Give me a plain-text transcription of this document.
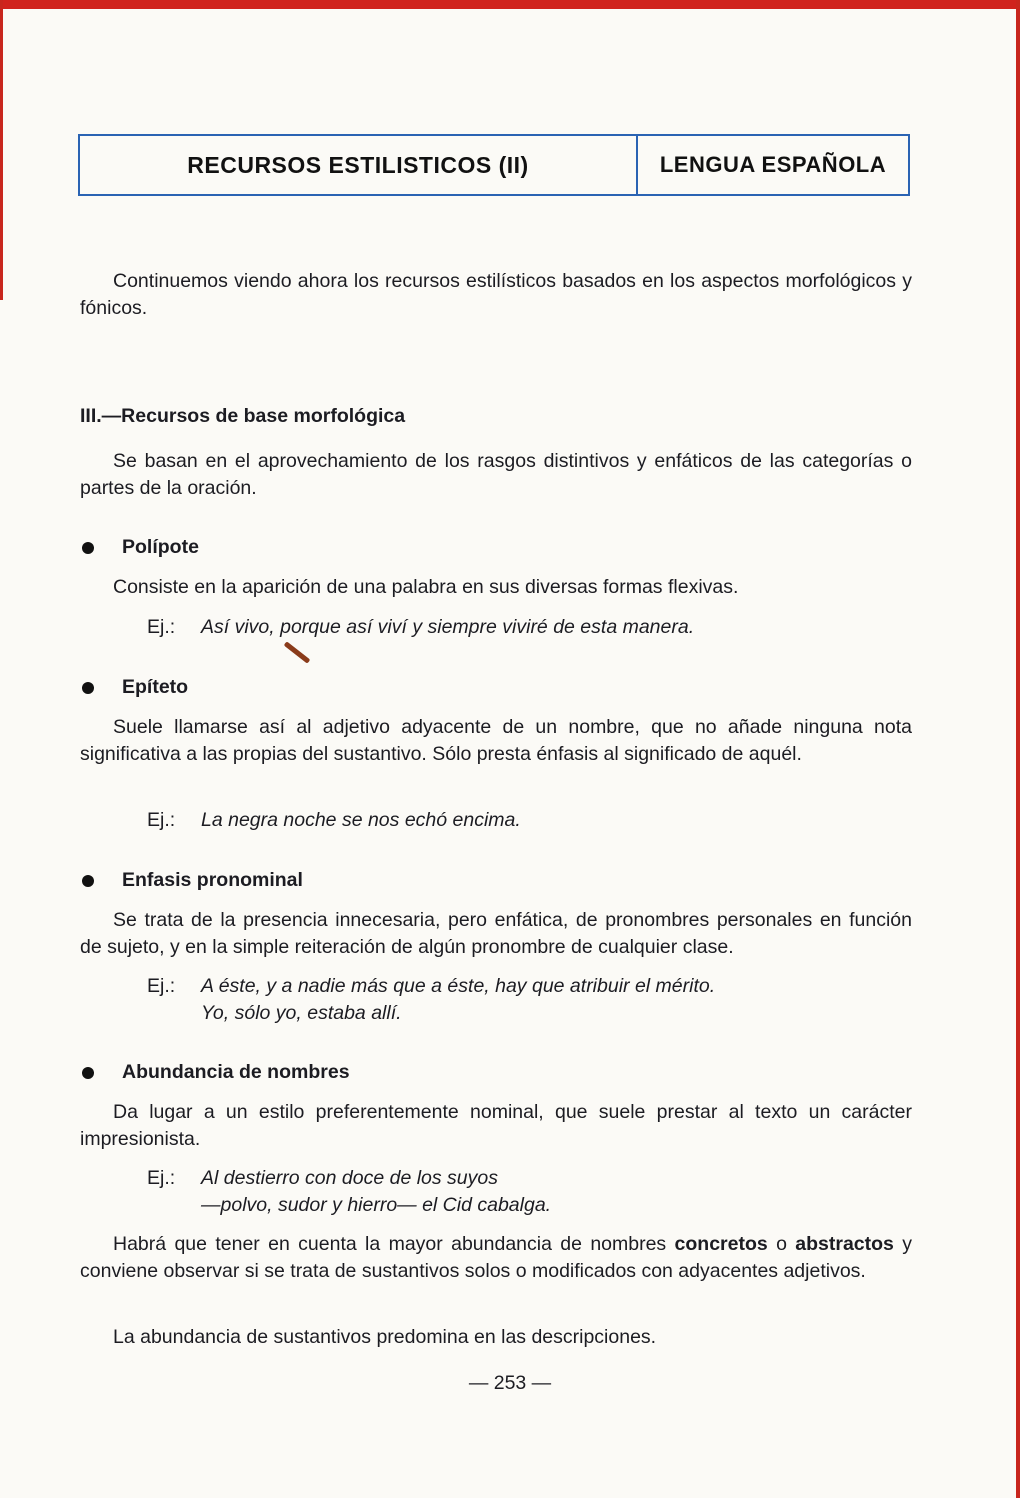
RECURSOS ESTILISTICOS (II)	LENGUA ESPAÑOLA

Continuemos viendo ahora los recursos estilísticos basados en los aspectos morfológicos y fónicos.

III.—Recursos de base morfológica

Se basan en el aprovechamiento de los rasgos distintivos y enfáticos de las categorías o partes de la oración.

Polípote

Consiste en la aparición de una palabra en sus diversas formas flexivas.

Ej.:	Así vivo, porque así viví y siempre viviré de esta manera.
Epíteto

Suele llamarse así al adjetivo adyacente de un nombre, que no añade ninguna nota significativa a las propias del sustantivo. Sólo presta énfasis al significado de aquél.

Ej.:	La negra noche se nos echó encima.
Enfasis pronominal

Se trata de la presencia innecesaria, pero enfática, de pronombres personales en función de sujeto, y en la simple reiteración de algún pronombre de cualquier clase.

Ej.:	A éste, y a nadie más que a éste, hay que atribuir el mérito.
Yo, sólo yo, estaba allí.
Abundancia de nombres

Da lugar a un estilo preferentemente nominal, que suele prestar al texto un carácter impresionista.

Ej.:	Al destierro con doce de los suyos
—polvo, sudor y hierro— el Cid cabalga.

Habrá que tener en cuenta la mayor abundancia de nombres concretos o abstractos y conviene observar si se trata de sustantivos solos o modificados con adyacentes adjetivos.

La abundancia de sustantivos predomina en las descripciones.

— 253 —
